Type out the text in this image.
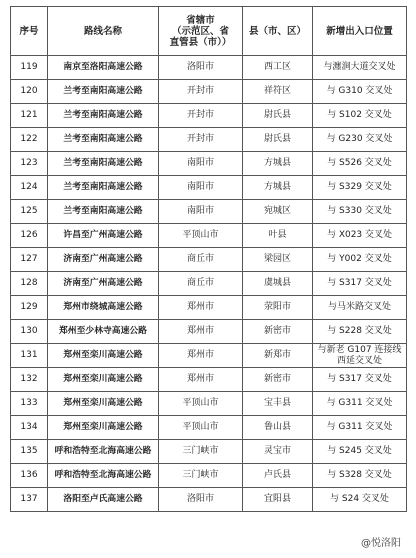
序号	路线名称	省辖市
（示范区、省
直管县（市））	县（市、区）	新增出入口位置
119	南京至洛阳高速公路	洛阳市	西工区	与瀍涧大道交叉处
120	兰考至南阳高速公路	开封市	祥符区	与 G310 交叉处
121	兰考至南阳高速公路	开封市	尉氏县	与 S102 交叉处
122	兰考至南阳高速公路	开封市	尉氏县	与 G230 交叉处
123	兰考至南阳高速公路	南阳市	方城县	与 S526 交叉处
124	兰考至南阳高速公路	南阳市	方城县	与 S329 交叉处
125	兰考至南阳高速公路	南阳市	宛城区	与 S330 交叉处
126	许昌至广州高速公路	平顶山市	叶县	与 X023 交叉处
127	济南至广州高速公路	商丘市	梁园区	与 Y002 交叉处
128	济南至广州高速公路	商丘市	虞城县	与 S317 交叉处
129	郑州市绕城高速公路	郑州市	荥阳市	与马米路交叉处
130	郑州至少林寺高速公路	郑州市	新密市	与 S228 交叉处
131	郑州至栾川高速公路	郑州市	新郑市	与新老 G107 连接线
西延交叉处
132	郑州至栾川高速公路	郑州市	新密市	与 S317 交叉处
133	郑州至栾川高速公路	平顶山市	宝丰县	与 G311 交叉处
134	郑州至栾川高速公路	平顶山市	鲁山县	与 G311 交叉处
135	呼和浩特至北海高速公路	三门峡市	灵宝市	与 S245 交叉处
136	呼和浩特至北海高速公路	三门峡市	卢氏县	与 S328 交叉处
137	洛阳至卢氏高速公路	洛阳市	宜阳县	与 S24 交叉处
@悦洛阳
